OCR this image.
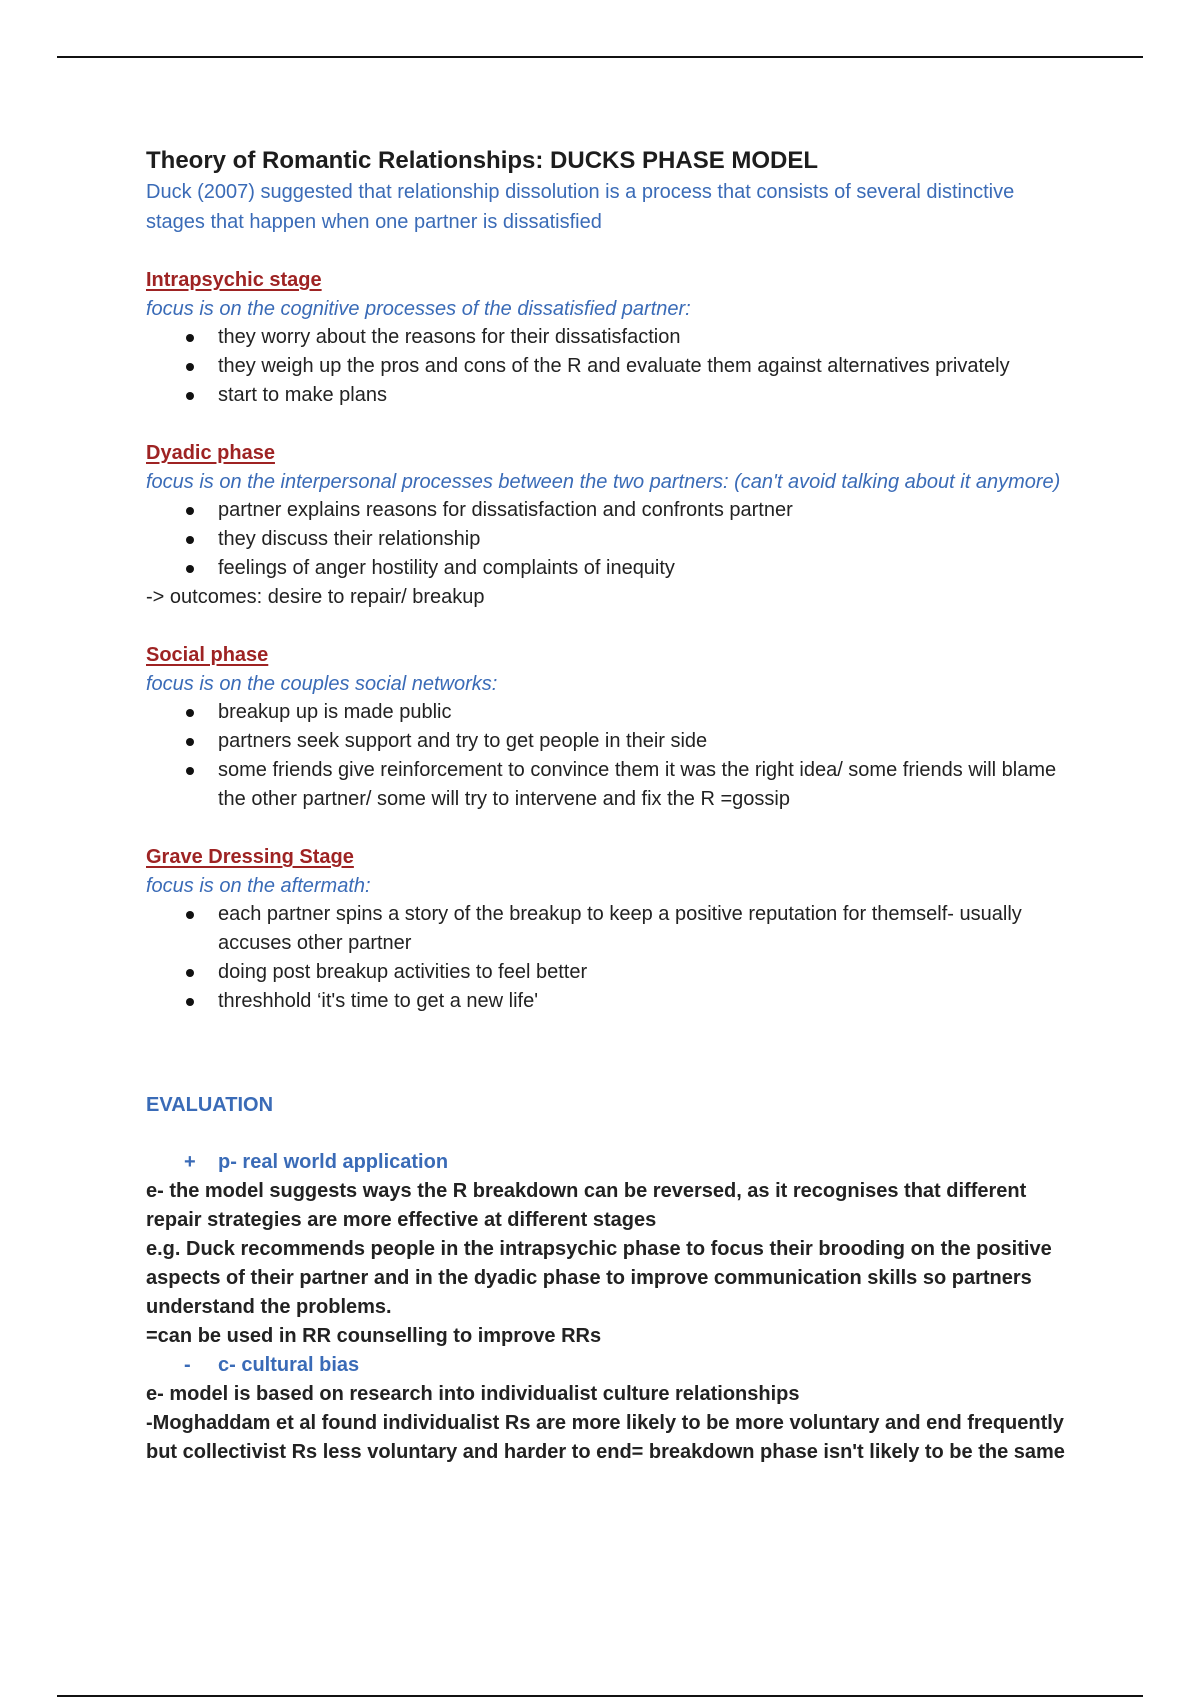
Theory of Romantic Relationships: DUCKS PHASE MODEL

Duck (2007) suggested that relationship dissolution is a process that consists of several distinctive stages that happen when one partner is dissatisfied

Intrapsychic stage

focus is on the cognitive processes of the dissatisfied partner:

they worry about the reasons for their dissatisfaction
they weigh up the pros and cons of the R and evaluate them against alternatives privately
start to make plans
Dyadic phase

focus is on the interpersonal processes between the two partners: (can't avoid talking about it anymore)

partner explains reasons for dissatisfaction and confronts partner
they discuss their relationship
feelings of anger hostility and complaints of inequity

-> outcomes: desire to repair/ breakup

Social phase

focus is on the couples social networks:

breakup up is made public
partners seek support and try to get people in their side
some friends give reinforcement to convince them it was the right idea/ some friends will blame the other partner/ some will try to intervene and fix the R =gossip
Grave Dressing Stage

focus is on the aftermath:

each partner spins a story of the breakup to keep a positive reputation for themself- usually accuses other partner
doing post breakup activities to feel better
threshhold ‘it's time to get a new life'
EVALUATION
+	p- real world application

e- the model suggests ways the R breakdown can be reversed, as it recognises that different repair strategies are more effective at different stages

e.g. Duck recommends people in the intrapsychic phase to focus their brooding on the positive aspects of their partner and in the dyadic phase to improve communication skills so partners understand the problems.

=can be used in RR counselling to improve RRs

-	c- cultural bias

e- model is based on research into individualist culture relationships

-Moghaddam et al found individualist Rs are more likely to be more voluntary and end frequently but collectivist Rs less voluntary and harder to end= breakdown phase isn't likely to be the same
